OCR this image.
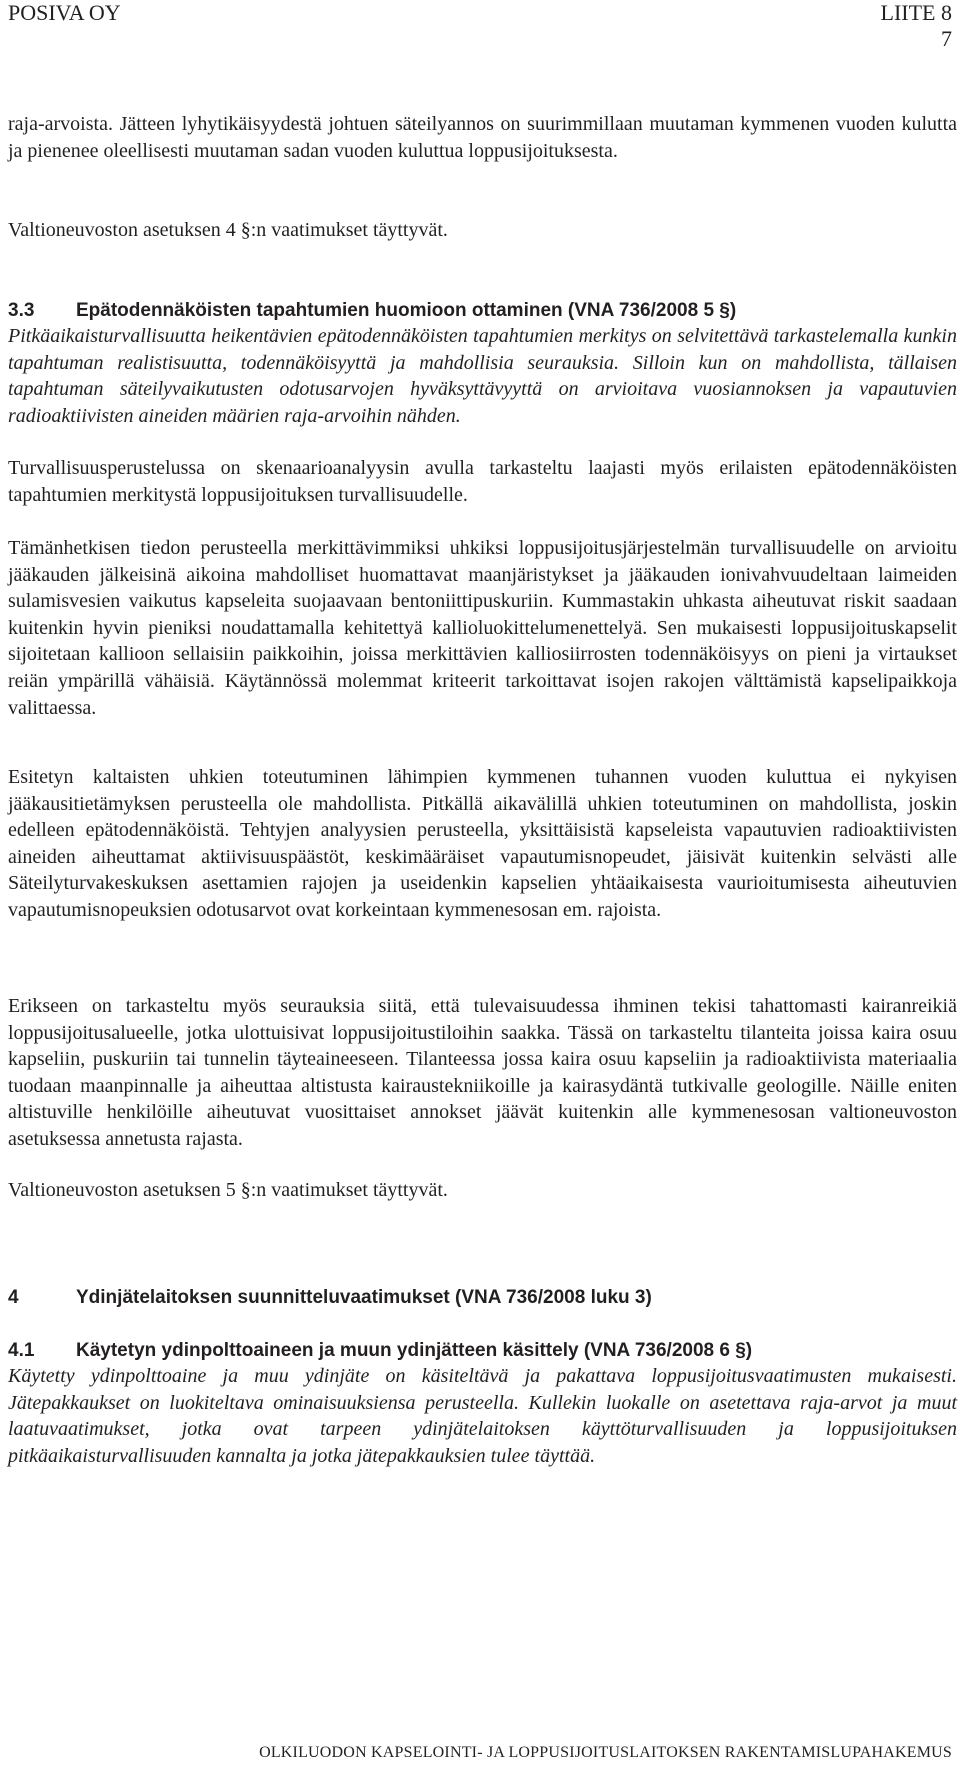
POSIVA OY	LIITE 8
7
raja-arvoista. Jätteen lyhytikäisyydestä johtuen säteilyannos on suurimmillaan muutaman kymmenen vuoden kulutta ja pienenee oleellisesti muutaman sadan vuoden kuluttua loppusijoituksesta.
Valtioneuvoston asetuksen 4 §:n vaatimukset täyttyvät.
3.3 Epätodennäköisten tapahtumien huomioon ottaminen (VNA 736/2008 5 §)
Pitkäaikaisturvallisuutta heikentävien epätodennäköisten tapahtumien merkitys on selvitettävä tarkastelemalla kunkin tapahtuman realistisuutta, todennäköisyyttä ja mahdollisia seurauksia. Silloin kun on mahdollista, tällaisen tapahtuman säteilyvaikutusten odotusarvojen hyväksyttävyyttä on arvioitava vuosiannoksen ja vapautuvien radioaktiivisten aineiden määrien raja-arvoihin nähden.
Turvallisuusperustelussa on skenaarioanalyysin avulla tarkasteltu laajasti myös erilaisten epätodennäköisten tapahtumien merkitystä loppusijoituksen turvallisuudelle.
Tämänhetkisen tiedon perusteella merkittävimmiksi uhkiksi loppusijoitusjärjestelmän turvallisuudelle on arvioitu jääkauden jälkeisinä aikoina mahdolliset huomattavat maanjäristykset ja jääkauden ionivahvuudeltaan laimeiden sulamisvesien vaikutus kapseleita suojaavaan bentoniittipuskuriin. Kummastakin uhkasta aiheutuvat riskit saadaan kuitenkin hyvin pieniksi noudattamalla kehitettyä kallioluokittelumenettelyä. Sen mukaisesti loppusijoituskapselit sijoitetaan kallioon sellaisiin paikkoihin, joissa merkittävien kalliosiirrosten todennäköisyys on pieni ja virtaukset reiän ympärillä vähäisiä. Käytännössä molemmat kriteerit tarkoittavat isojen rakojen välttämistä kapselipaikkoja valittaessa.
Esitetyn kaltaisten uhkien toteutuminen lähimpien kymmenen tuhannen vuoden kuluttua ei nykyisen jääkausitietämyksen perusteella ole mahdollista. Pitkällä aikavälillä uhkien toteutuminen on mahdollista, joskin edelleen epätodennäköistä. Tehtyjen analyysien perusteella, yksittäisistä kapseleista vapautuvien radioaktiivisten aineiden aiheuttamat aktiivisuuspäästöt, keskimääräiset vapautumisnopeudet, jäisivät kuitenkin selvästi alle Säteilyturvakeskuksen asettamien rajojen ja useidenkin kapselien yhtäaikaisesta vaurioitumisesta aiheutuvien vapautumisnopeuksien odotusarvot ovat korkeintaan kymmenesosan em. rajoista.
Erikseen on tarkasteltu myös seurauksia siitä, että tulevaisuudessa ihminen tekisi tahattomasti kairanreikiä loppusijoitusalueelle, jotka ulottuisivat loppusijoitustiloihin saakka. Tässä on tarkasteltu tilanteita joissa kaira osuu kapseliin, puskuriin tai tunnelin täyteaineeseen. Tilanteessa jossa kaira osuu kapseliin ja radioaktiivista materiaalia tuodaan maanpinnalle ja aiheuttaa altistusta kairaustekniikoille ja kairasydäntä tutkivalle geologille. Näille eniten altistuville henkilöille aiheutuvat vuosittaiset annokset jäävät kuitenkin alle kymmenesosan valtioneuvoston asetuksessa annetusta rajasta.
Valtioneuvoston asetuksen 5 §:n vaatimukset täyttyvät.
4	Ydinjätelaitoksen suunnitteluvaatimukset (VNA 736/2008 luku 3)
4.1 Käytetyn ydinpolttoaineen ja muun ydinjätteen käsittely (VNA 736/2008 6 §)
Käytetty ydinpolttoaine ja muu ydinjäte on käsiteltävä ja pakattava loppusijoitusvaatimusten mukaisesti. Jätepakkaukset on luokiteltava ominaisuuksiensa perusteella. Kullekin luokalle on asetettava raja-arvot ja muut laatuvaatimukset, jotka ovat tarpeen ydinjätelaitoksen käyttöturvallisuuden ja loppusijoituksen pitkäaikaisturvallisuuden kannalta ja jotka jätepakkauksien tulee täyttää.
OLKILUODON KAPSELOINTI- JA LOPPUSIJOITUSLAITOKSEN RAKENTAMISLUPAHAKEMUS
